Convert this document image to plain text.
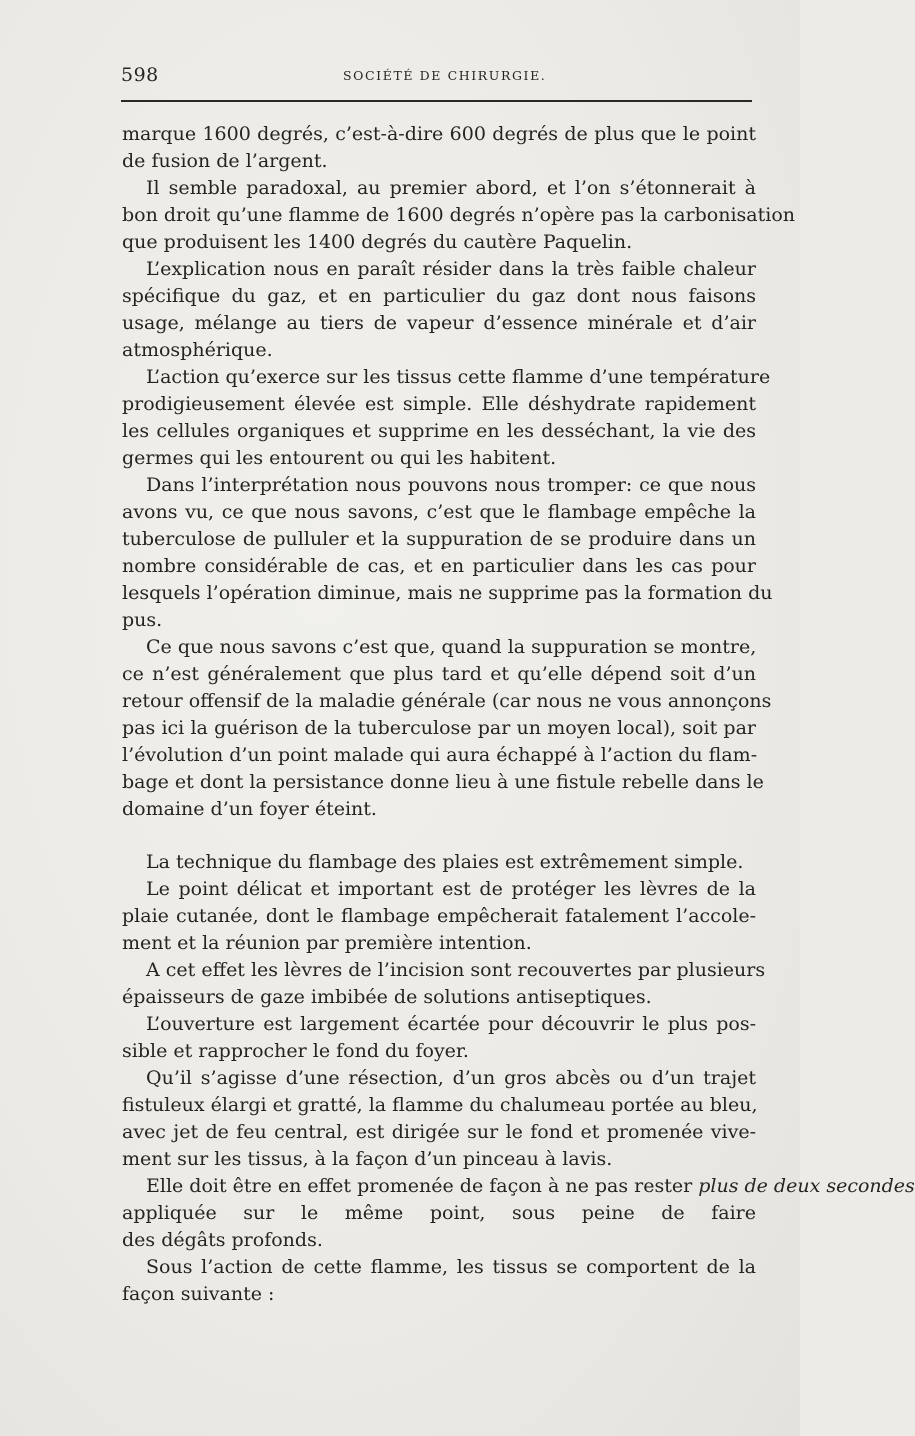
598	SOCIÉTÉ DE CHIRURGIE.
marque 1600 degrés, c’est-à-dire 600 degrés de plus que le point
de fusion de l’argent.
Il semble paradoxal, au premier abord, et l’on s’étonnerait à
bon droit qu’une flamme de 1600 degrés n’opère pas la carbonisation
que produisent les 1400 degrés du cautère Paquelin.
L’explication nous en paraît résider dans la très faible chaleur
spécifique du gaz, et en particulier du gaz dont nous faisons
usage, mélange au tiers de vapeur d’essence minérale et d’air
atmosphérique.
L’action qu’exerce sur les tissus cette flamme d’une température
prodigieusement élevée est simple. Elle déshydrate rapidement
les cellules organiques et supprime en les desséchant, la vie des
germes qui les entourent ou qui les habitent.
Dans l’interprétation nous pouvons nous tromper: ce que nous
avons vu, ce que nous savons, c’est que le flambage empêche la
tuberculose de pulluler et la suppuration de se produire dans un
nombre considérable de cas, et en particulier dans les cas pour
lesquels l’opération diminue, mais ne supprime pas la formation du
pus.
Ce que nous savons c’est que, quand la suppuration se montre,
ce n’est généralement que plus tard et qu’elle dépend soit d’un
retour offensif de la maladie générale (car nous ne vous annonçons
pas ici la guérison de la tuberculose par un moyen local), soit par
l’évolution d’un point malade qui aura échappé à l’action du flam-
bage et dont la persistance donne lieu à une fistule rebelle dans le
domaine d’un foyer éteint.
La technique du flambage des plaies est extrêmement simple.
Le point délicat et important est de protéger les lèvres de la
plaie cutanée, dont le flambage empêcherait fatalement l’accole-
ment et la réunion par première intention.
A cet effet les lèvres de l’incision sont recouvertes par plusieurs
épaisseurs de gaze imbibée de solutions antiseptiques.
L’ouverture est largement écartée pour découvrir le plus pos-
sible et rapprocher le fond du foyer.
Qu’il s’agisse d’une résection, d’un gros abcès ou d’un trajet
fistuleux élargi et gratté, la flamme du chalumeau portée au bleu,
avec jet de feu central, est dirigée sur le fond et promenée vive-
ment sur les tissus, à la façon d’un pinceau à lavis.
Elle doit être en effet promenée de façon à ne pas rester plus de deux secondes
appliquée sur le même point, sous peine de faire
des dégâts profonds.
Sous l’action de cette flamme, les tissus se comportent de la
façon suivante :
